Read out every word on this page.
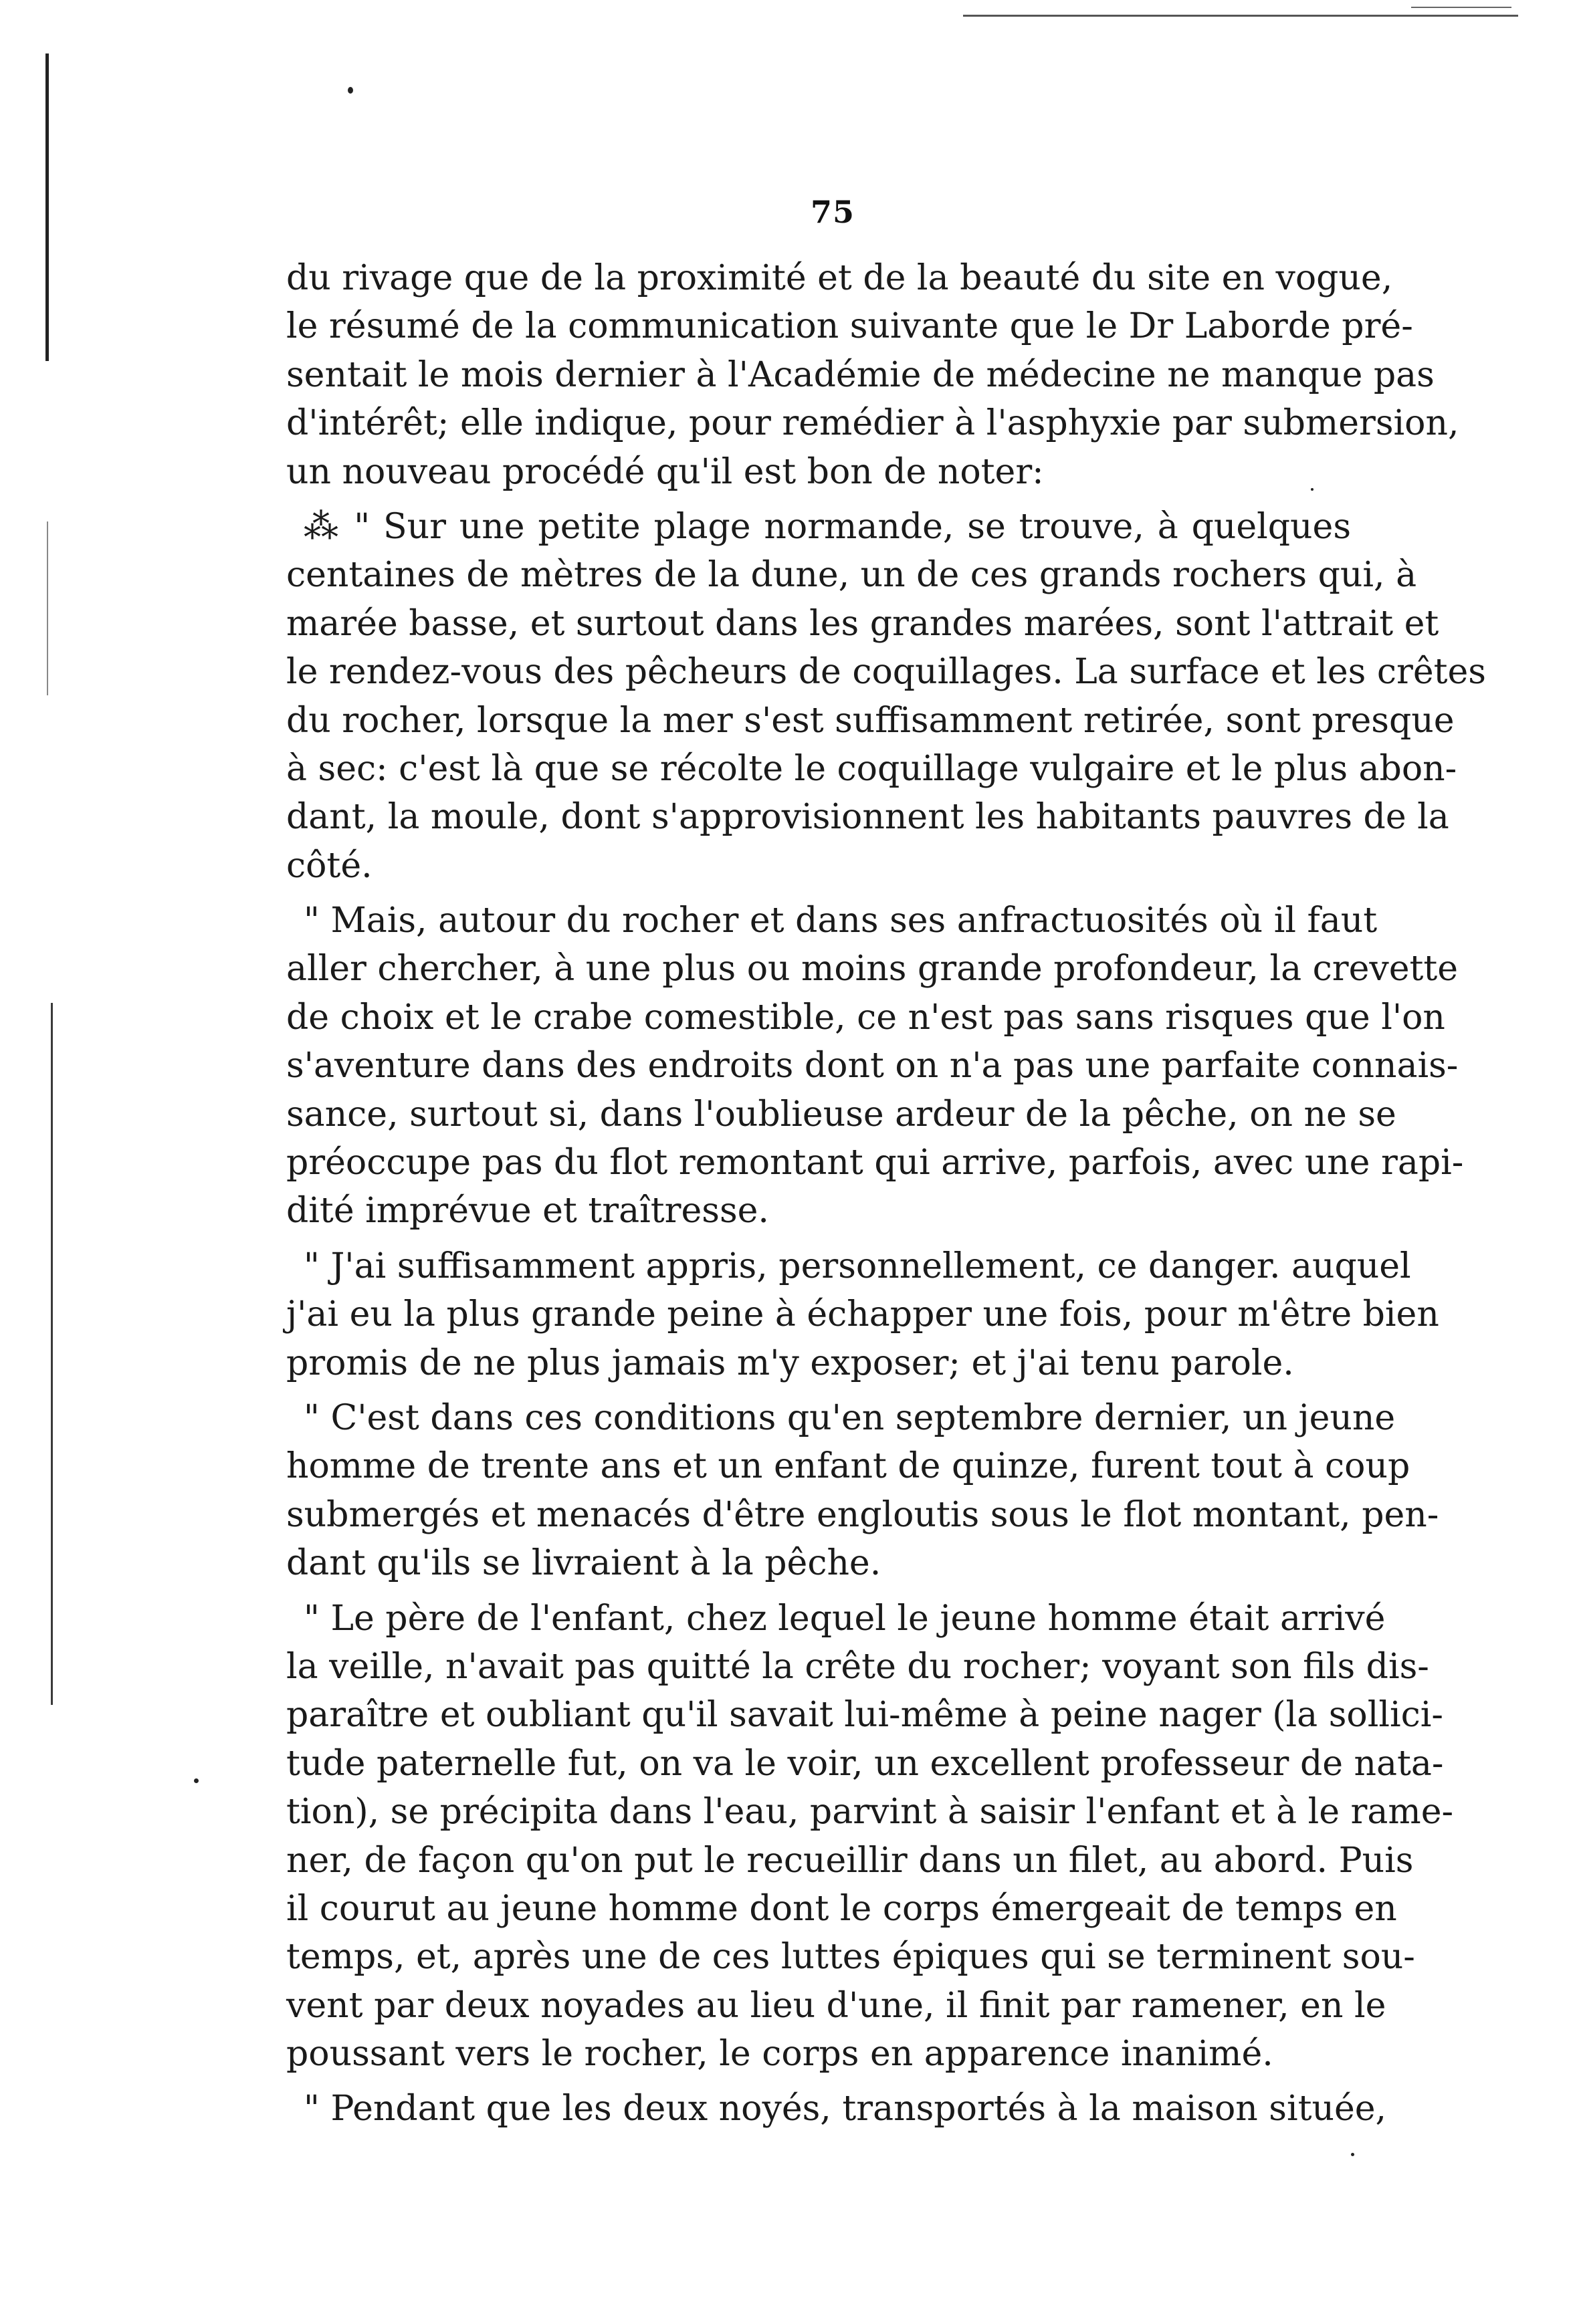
75
du rivage que de la proximité et de la beauté du site en vogue,
le résumé de la communication suivante que le Dr Laborde pré-
sentait le mois dernier à l'Académie de médecine ne manque pas
d'intérêt; elle indique, pour remédier à l'asphyxie par submersion,
un nouveau procédé qu'il est bon de noter:
⁂ " Sur une petite plage normande, se trouve, à quelques
centaines de mètres de la dune, un de ces grands rochers qui, à
marée basse, et surtout dans les grandes marées, sont l'attrait et
le rendez-vous des pêcheurs de coquillages. La surface et les crêtes
du rocher, lorsque la mer s'est suffisamment retirée, sont presque
à sec: c'est là que se récolte le coquillage vulgaire et le plus abon-
dant, la moule, dont s'approvisionnent les habitants pauvres de la
côté.
" Mais, autour du rocher et dans ses anfractuosités où il faut
aller chercher, à une plus ou moins grande profondeur, la crevette
de choix et le crabe comestible, ce n'est pas sans risques que l'on
s'aventure dans des endroits dont on n'a pas une parfaite connais-
sance, surtout si, dans l'oublieuse ardeur de la pêche, on ne se
préoccupe pas du flot remontant qui arrive, parfois, avec une rapi-
dité imprévue et traîtresse.
" J'ai suffisamment appris, personnellement, ce danger. auquel
j'ai eu la plus grande peine à échapper une fois, pour m'être bien
promis de ne plus jamais m'y exposer; et j'ai tenu parole.
" C'est dans ces conditions qu'en septembre dernier, un jeune
homme de trente ans et un enfant de quinze, furent tout à coup
submergés et menacés d'être engloutis sous le flot montant, pen-
dant qu'ils se livraient à la pêche.
" Le père de l'enfant, chez lequel le jeune homme était arrivé
la veille, n'avait pas quitté la crête du rocher; voyant son fils dis-
paraître et oubliant qu'il savait lui-même à peine nager (la sollici-
tude paternelle fut, on va le voir, un excellent professeur de nata-
tion), se précipita dans l'eau, parvint à saisir l'enfant et à le rame-
ner, de façon qu'on put le recueillir dans un filet, au abord. Puis
il courut au jeune homme dont le corps émergeait de temps en
temps, et, après une de ces luttes épiques qui se terminent sou-
vent par deux noyades au lieu d'une, il finit par ramener, en le
poussant vers le rocher, le corps en apparence inanimé.
" Pendant que les deux noyés, transportés à la maison située,
